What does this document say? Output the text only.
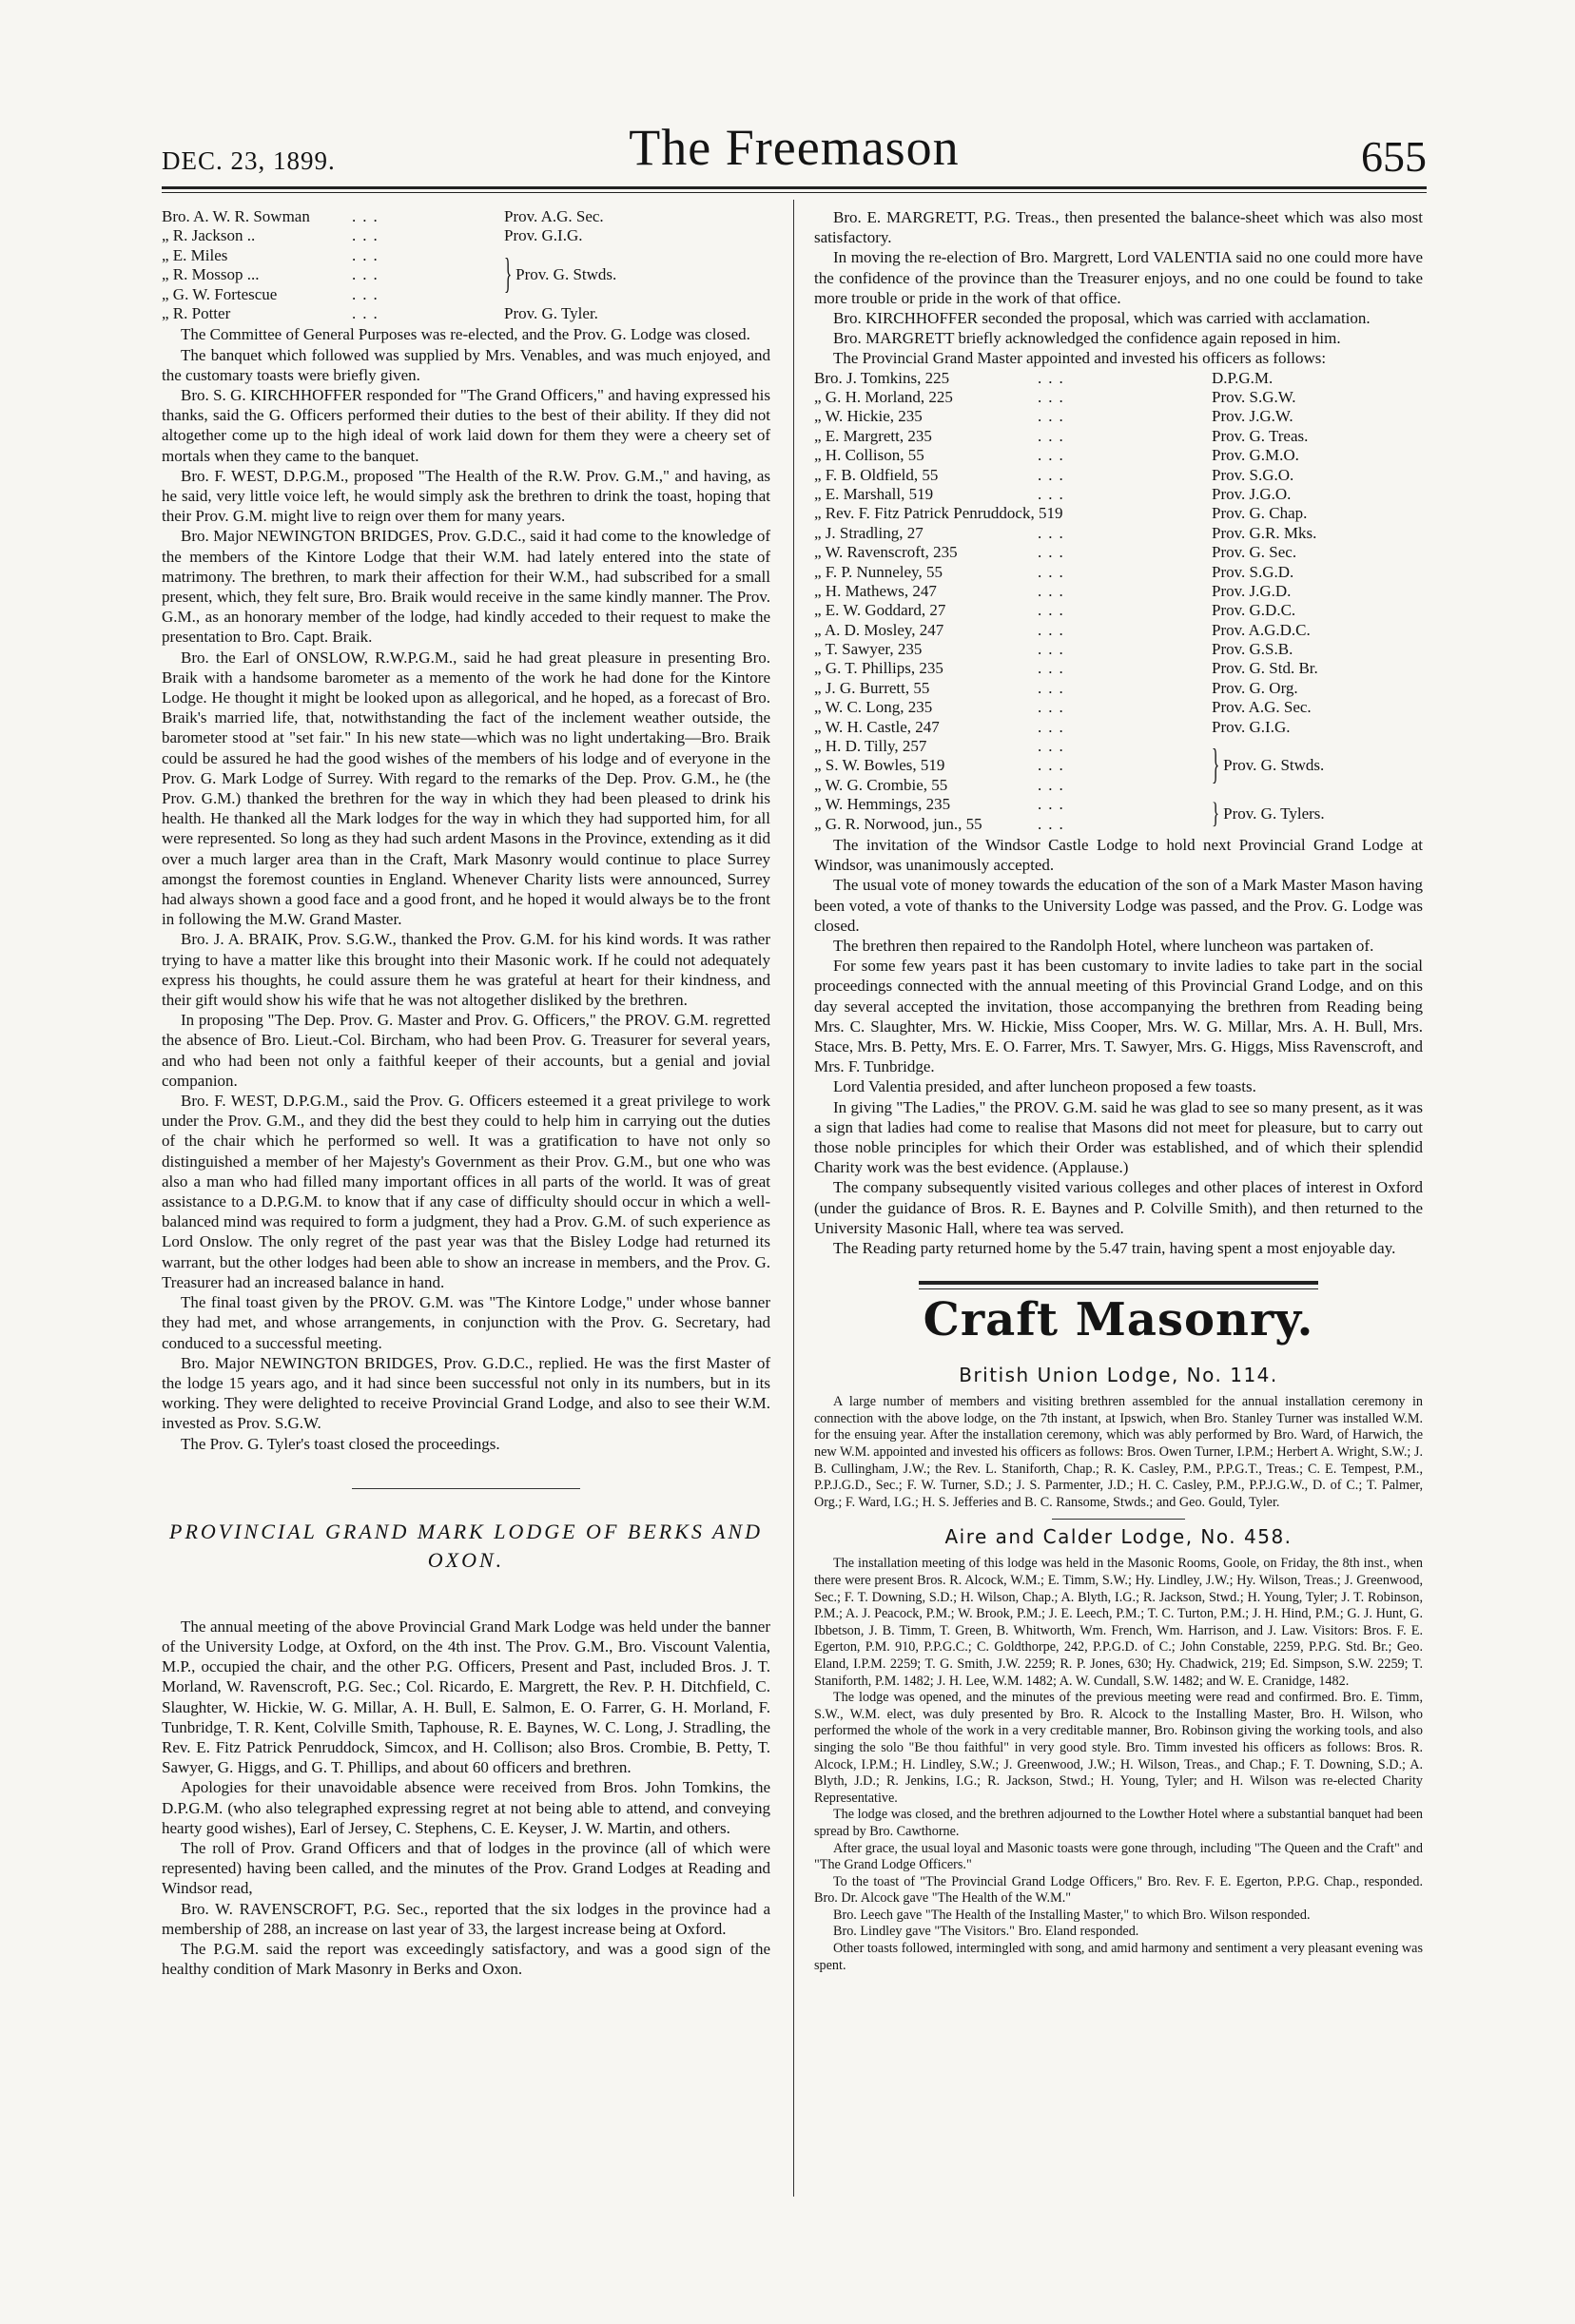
DEC. 23, 1899.	The Freemason	655
Bro. A. W. R. Sowman	...	Prov. A.G. Sec.
„ R. Jackson ..	...	Prov. G.I.G.
„ E. Miles	...
„ R. Mossop ...	...	} Prov. G. Stwds.
„ G. W. Fortescue	...
„ R. Potter	...	Prov. G. Tyler.

The Committee of General Purposes was re-elected, and the Prov. G. Lodge was closed.

The banquet which followed was supplied by Mrs. Venables, and was much enjoyed, and the customary toasts were briefly given.

Bro. S. G. KIRCHHOFFER responded for "The Grand Officers," and having expressed his thanks, said the G. Officers performed their duties to the best of their ability. If they did not altogether come up to the high ideal of work laid down for them they were a cheery set of mortals when they came to the banquet.

Bro. F. WEST, D.P.G.M., proposed "The Health of the R.W. Prov. G.M.," and having, as he said, very little voice left, he would simply ask the brethren to drink the toast, hoping that their Prov. G.M. might live to reign over them for many years.

Bro. Major NEWINGTON BRIDGES, Prov. G.D.C., said it had come to the knowledge of the members of the Kintore Lodge that their W.M. had lately entered into the state of matrimony. The brethren, to mark their affection for their W.M., had subscribed for a small present, which, they felt sure, Bro. Braik would receive in the same kindly manner. The Prov. G.M., as an honorary member of the lodge, had kindly acceded to their request to make the presentation to Bro. Capt. Braik.

Bro. the Earl of ONSLOW, R.W.P.G.M., said he had great pleasure in presenting Bro. Braik with a handsome barometer as a memento of the work he had done for the Kintore Lodge. He thought it might be looked upon as allegorical, and he hoped, as a forecast of Bro. Braik's married life, that, notwithstanding the fact of the inclement weather outside, the barometer stood at "set fair." In his new state—which was no light undertaking—Bro. Braik could be assured he had the good wishes of the members of his lodge and of everyone in the Prov. G. Mark Lodge of Surrey. With regard to the remarks of the Dep. Prov. G.M., he (the Prov. G.M.) thanked the brethren for the way in which they had been pleased to drink his health. He thanked all the Mark lodges for the way in which they had supported him, for all were represented. So long as they had such ardent Masons in the Province, extending as it did over a much larger area than in the Craft, Mark Masonry would continue to place Surrey amongst the foremost counties in England. Whenever Charity lists were announced, Surrey had always shown a good face and a good front, and he hoped it would always be to the front in following the M.W. Grand Master.

Bro. J. A. BRAIK, Prov. S.G.W., thanked the Prov. G.M. for his kind words. It was rather trying to have a matter like this brought into their Masonic work. If he could not adequately express his thoughts, he could assure them he was grateful at heart for their kindness, and their gift would show his wife that he was not altogether disliked by the brethren.

In proposing "The Dep. Prov. G. Master and Prov. G. Officers," the PROV. G.M. regretted the absence of Bro. Lieut.-Col. Bircham, who had been Prov. G. Treasurer for several years, and who had been not only a faithful keeper of their accounts, but a genial and jovial companion.

Bro. F. WEST, D.P.G.M., said the Prov. G. Officers esteemed it a great privilege to work under the Prov. G.M., and they did the best they could to help him in carrying out the duties of the chair which he performed so well. It was a gratification to have not only so distinguished a member of her Majesty's Government as their Prov. G.M., but one who was also a man who had filled many important offices in all parts of the world. It was of great assistance to a D.P.G.M. to know that if any case of difficulty should occur in which a well-balanced mind was required to form a judgment, they had a Prov. G.M. of such experience as Lord Onslow. The only regret of the past year was that the Bisley Lodge had returned its warrant, but the other lodges had been able to show an increase in members, and the Prov. G. Treasurer had an increased balance in hand.

The final toast given by the PROV. G.M. was "The Kintore Lodge," under whose banner they had met, and whose arrangements, in conjunction with the Prov. G. Secretary, had conduced to a successful meeting.

Bro. Major NEWINGTON BRIDGES, Prov. G.D.C., replied. He was the first Master of the lodge 15 years ago, and it had since been successful not only in its numbers, but in its working. They were delighted to receive Provincial Grand Lodge, and also to see their W.M. invested as Prov. S.G.W.

The Prov. G. Tyler's toast closed the proceedings.

PROVINCIAL GRAND MARK LODGE OF BERKS AND OXON.

The annual meeting of the above Provincial Grand Mark Lodge was held under the banner of the University Lodge, at Oxford, on the 4th inst. The Prov. G.M., Bro. Viscount Valentia, M.P., occupied the chair, and the other P.G. Officers, Present and Past, included Bros. J. T. Morland, W. Ravenscroft, P.G. Sec.; Col. Ricardo, E. Margrett, the Rev. P. H. Ditchfield, C. Slaughter, W. Hickie, W. G. Millar, A. H. Bull, E. Salmon, E. O. Farrer, G. H. Morland, F. Tunbridge, T. R. Kent, Colville Smith, Taphouse, R. E. Baynes, W. C. Long, J. Stradling, the Rev. E. Fitz Patrick Penruddock, Simcox, and H. Collison; also Bros. Crombie, B. Petty, T. Sawyer, G. Higgs, and G. T. Phillips, and about 60 officers and brethren.

Apologies for their unavoidable absence were received from Bros. John Tomkins, the D.P.G.M. (who also telegraphed expressing regret at not being able to attend, and conveying hearty good wishes), Earl of Jersey, C. Stephens, C. E. Keyser, J. W. Martin, and others.

The roll of Prov. Grand Officers and that of lodges in the province (all of which were represented) having been called, and the minutes of the Prov. Grand Lodges at Reading and Windsor read,

Bro. W. RAVENSCROFT, P.G. Sec., reported that the six lodges in the province had a membership of 288, an increase on last year of 33, the largest increase being at Oxford.

The P.G.M. said the report was exceedingly satisfactory, and was a good sign of the healthy condition of Mark Masonry in Berks and Oxon.

Bro. E. MARGRETT, P.G. Treas., then presented the balance-sheet which was also most satisfactory.

In moving the re-election of Bro. Margrett, Lord VALENTIA said no one could more have the confidence of the province than the Treasurer enjoys, and no one could be found to take more trouble or pride in the work of that office.

Bro. KIRCHHOFFER seconded the proposal, which was carried with acclamation.

Bro. MARGRETT briefly acknowledged the confidence again reposed in him.

The Provincial Grand Master appointed and invested his officers as follows:

Bro. J. Tomkins, 225	...	D.P.G.M.
„ G. H. Morland, 225	...	Prov. S.G.W.
„ W. Hickie, 235	...	Prov. J.G.W.
„ E. Margrett, 235	...	Prov. G. Treas.
„ H. Collison, 55	...	Prov. G.M.O.
„ F. B. Oldfield, 55	...	Prov. S.G.O.
„ E. Marshall, 519	...	Prov. J.G.O.
„ Rev. F. Fitz Patrick Penruddock, 519	Prov. G. Chap.
„ J. Stradling, 27	...	Prov. G.R. Mks.
„ W. Ravenscroft, 235	...	Prov. G. Sec.
„ F. P. Nunneley, 55	...	Prov. S.G.D.
„ H. Mathews, 247	...	Prov. J.G.D.
„ E. W. Goddard, 27	...	Prov. G.D.C.
„ A. D. Mosley, 247	...	Prov. A.G.D.C.
„ T. Sawyer, 235	...	Prov. G.S.B.
„ G. T. Phillips, 235	...	Prov. G. Std. Br.
„ J. G. Burrett, 55	...	Prov. G. Org.
„ W. C. Long, 235	...	Prov. A.G. Sec.
„ W. H. Castle, 247	...	Prov. G.I.G.
„ H. D. Tilly, 257	...
„ S. W. Bowles, 519	...	} Prov. G. Stwds.
„ W. G. Crombie, 55	...
„ W. Hemmings, 235	...	} Prov. G. Tylers.
„ G. R. Norwood, jun., 55	...

The invitation of the Windsor Castle Lodge to hold next Provincial Grand Lodge at Windsor, was unanimously accepted.

The usual vote of money towards the education of the son of a Mark Master Mason having been voted, a vote of thanks to the University Lodge was passed, and the Prov. G. Lodge was closed.

The brethren then repaired to the Randolph Hotel, where luncheon was partaken of.

For some few years past it has been customary to invite ladies to take part in the social proceedings connected with the annual meeting of this Provincial Grand Lodge, and on this day several accepted the invitation, those accompanying the brethren from Reading being Mrs. C. Slaughter, Mrs. W. Hickie, Miss Cooper, Mrs. W. G. Millar, Mrs. A. H. Bull, Mrs. Stace, Mrs. B. Petty, Mrs. E. O. Farrer, Mrs. T. Sawyer, Mrs. G. Higgs, Miss Ravenscroft, and Mrs. F. Tunbridge.

Lord Valentia presided, and after luncheon proposed a few toasts.

In giving "The Ladies," the PROV. G.M. said he was glad to see so many present, as it was a sign that ladies had come to realise that Masons did not meet for pleasure, but to carry out those noble principles for which their Order was established, and of which their splendid Charity work was the best evidence. (Applause.)

The company subsequently visited various colleges and other places of interest in Oxford (under the guidance of Bros. R. E. Baynes and P. Colville Smith), and then returned to the University Masonic Hall, where tea was served.

The Reading party returned home by the 5.47 train, having spent a most enjoyable day.

Craft Masonry.
British Union Lodge, No. 114.

A large number of members and visiting brethren assembled for the annual installation ceremony in connection with the above lodge, on the 7th instant, at Ipswich, when Bro. Stanley Turner was installed W.M. for the ensuing year. After the installation ceremony, which was ably performed by Bro. Ward, of Harwich, the new W.M. appointed and invested his officers as follows: Bros. Owen Turner, I.P.M.; Herbert A. Wright, S.W.; J. B. Cullingham, J.W.; the Rev. L. Staniforth, Chap.; R. K. Casley, P.M., P.P.G.T., Treas.; C. E. Tempest, P.M., P.P.J.G.D., Sec.; F. W. Turner, S.D.; J. S. Parmenter, J.D.; H. C. Casley, P.M., P.P.J.G.W., D. of C.; T. Palmer, Org.; F. Ward, I.G.; H. S. Jefferies and B. C. Ransome, Stwds.; and Geo. Gould, Tyler.

Aire and Calder Lodge, No. 458.

The installation meeting of this lodge was held in the Masonic Rooms, Goole, on Friday, the 8th inst., when there were present Bros. R. Alcock, W.M.; E. Timm, S.W.; Hy. Lindley, J.W.; Hy. Wilson, Treas.; J. Greenwood, Sec.; F. T. Downing, S.D.; H. Wilson, Chap.; A. Blyth, I.G.; R. Jackson, Stwd.; H. Young, Tyler; J. T. Robinson, P.M.; A. J. Peacock, P.M.; W. Brook, P.M.; J. E. Leech, P.M.; T. C. Turton, P.M.; J. H. Hind, P.M.; G. J. Hunt, G. Ibbetson, J. B. Timm, T. Green, B. Whitworth, Wm. French, Wm. Harrison, and J. Law. Visitors: Bros. F. E. Egerton, P.M. 910, P.P.G.C.; C. Goldthorpe, 242, P.P.G.D. of C.; John Constable, 2259, P.P.G. Std. Br.; Geo. Eland, I.P.M. 2259; T. G. Smith, J.W. 2259; R. P. Jones, 630; Hy. Chadwick, 219; Ed. Simpson, S.W. 2259; T. Staniforth, P.M. 1482; J. H. Lee, W.M. 1482; A. W. Cundall, S.W. 1482; and W. E. Cranidge, 1482.

The lodge was opened, and the minutes of the previous meeting were read and confirmed. Bro. E. Timm, S.W., W.M. elect, was duly presented by Bro. R. Alcock to the Installing Master, Bro. H. Wilson, who performed the whole of the work in a very creditable manner, Bro. Robinson giving the working tools, and also singing the solo "Be thou faithful" in very good style. Bro. Timm invested his officers as follows: Bros. R. Alcock, I.P.M.; H. Lindley, S.W.; J. Greenwood, J.W.; H. Wilson, Treas., and Chap.; F. T. Downing, S.D.; A. Blyth, J.D.; R. Jenkins, I.G.; R. Jackson, Stwd.; H. Young, Tyler; and H. Wilson was re-elected Charity Representative.

The lodge was closed, and the brethren adjourned to the Lowther Hotel where a substantial banquet had been spread by Bro. Cawthorne.

After grace, the usual loyal and Masonic toasts were gone through, including "The Queen and the Craft" and "The Grand Lodge Officers."

To the toast of "The Provincial Grand Lodge Officers," Bro. Rev. F. E. Egerton, P.P.G. Chap., responded. Bro. Dr. Alcock gave "The Health of the W.M."

Bro. Leech gave "The Health of the Installing Master," to which Bro. Wilson responded.

Bro. Lindley gave "The Visitors." Bro. Eland responded.

Other toasts followed, intermingled with song, and amid harmony and sentiment a very pleasant evening was spent.
